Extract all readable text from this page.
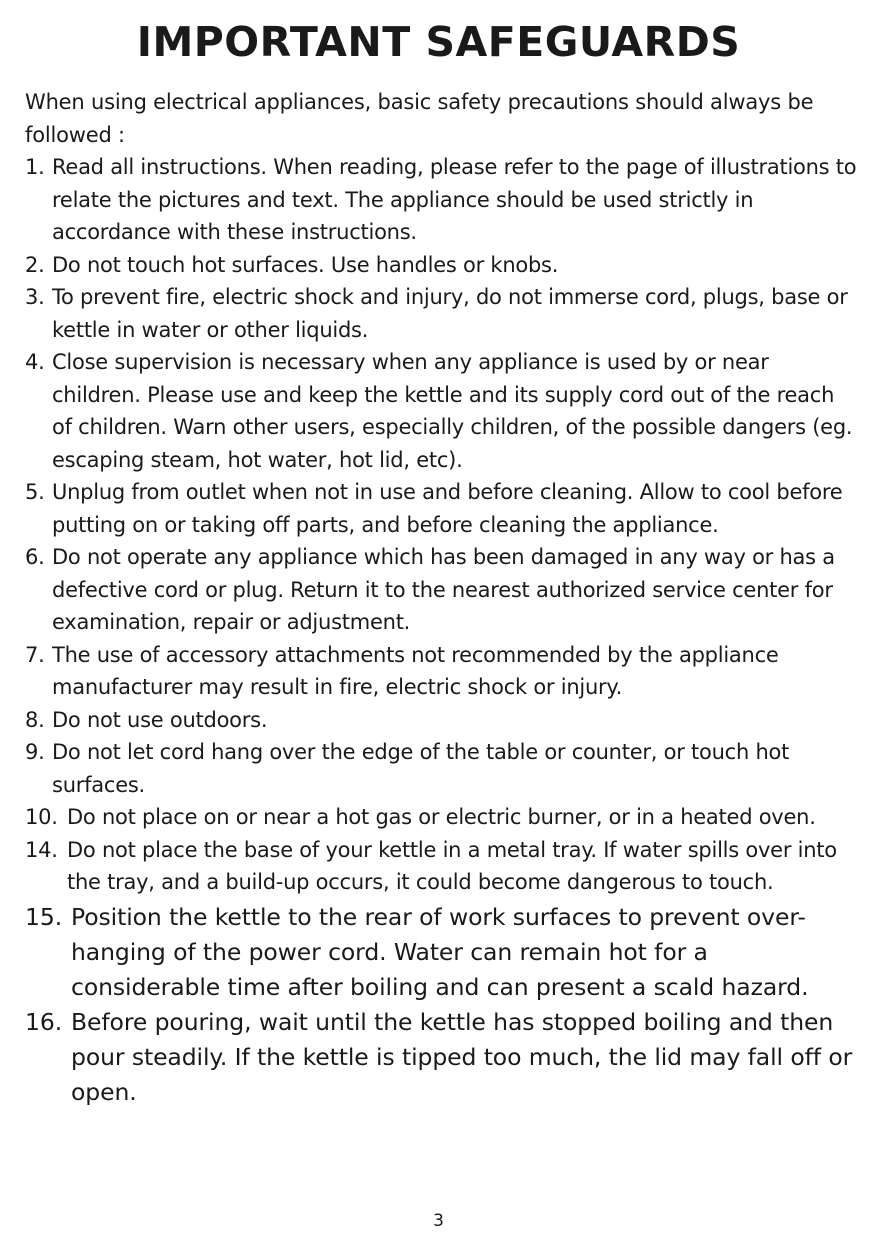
IMPORTANT SAFEGUARDS

When using electrical appliances, basic safety precautions should always be followed :

1. Read all instructions. When reading, please refer to the page of illustrations to relate the pictures and text. The appliance should be used strictly in accordance with these instructions.
2. Do not touch hot surfaces. Use handles or knobs.
3. To prevent fire, electric shock and injury, do not immerse cord, plugs, base or kettle in water or other liquids.
4. Close supervision is necessary when any appliance is used by or near children. Please use and keep the kettle and its supply cord out of the reach of children. Warn other users, especially children, of the possible dangers (eg. escaping steam, hot water, hot lid, etc).
5. Unplug from outlet when not in use and before cleaning. Allow to cool before putting on or taking off parts, and before cleaning the appliance.
6. Do not operate any appliance which has been damaged in any way or has a defective cord or plug. Return it to the nearest authorized service center for examination, repair or adjustment.
7. The use of accessory attachments not recommended by the appliance manufacturer may result in fire, electric shock or injury.
8. Do not use outdoors.
9. Do not let cord hang over the edge of the table or counter, or touch hot surfaces.
10. Do not place on or near a hot gas or electric burner, or in a heated oven.
14. Do not place the base of your kettle in a metal tray. If water spills over into the tray, and a build-up occurs, it could become dangerous to touch.
15. Position the kettle to the rear of work surfaces to prevent over-hanging of the power cord. Water can remain hot for a considerable time after boiling and can present a scald hazard.
16. Before pouring, wait until the kettle has stopped boiling and then pour steadily. If the kettle is tipped too much, the lid may fall off or open.

3
